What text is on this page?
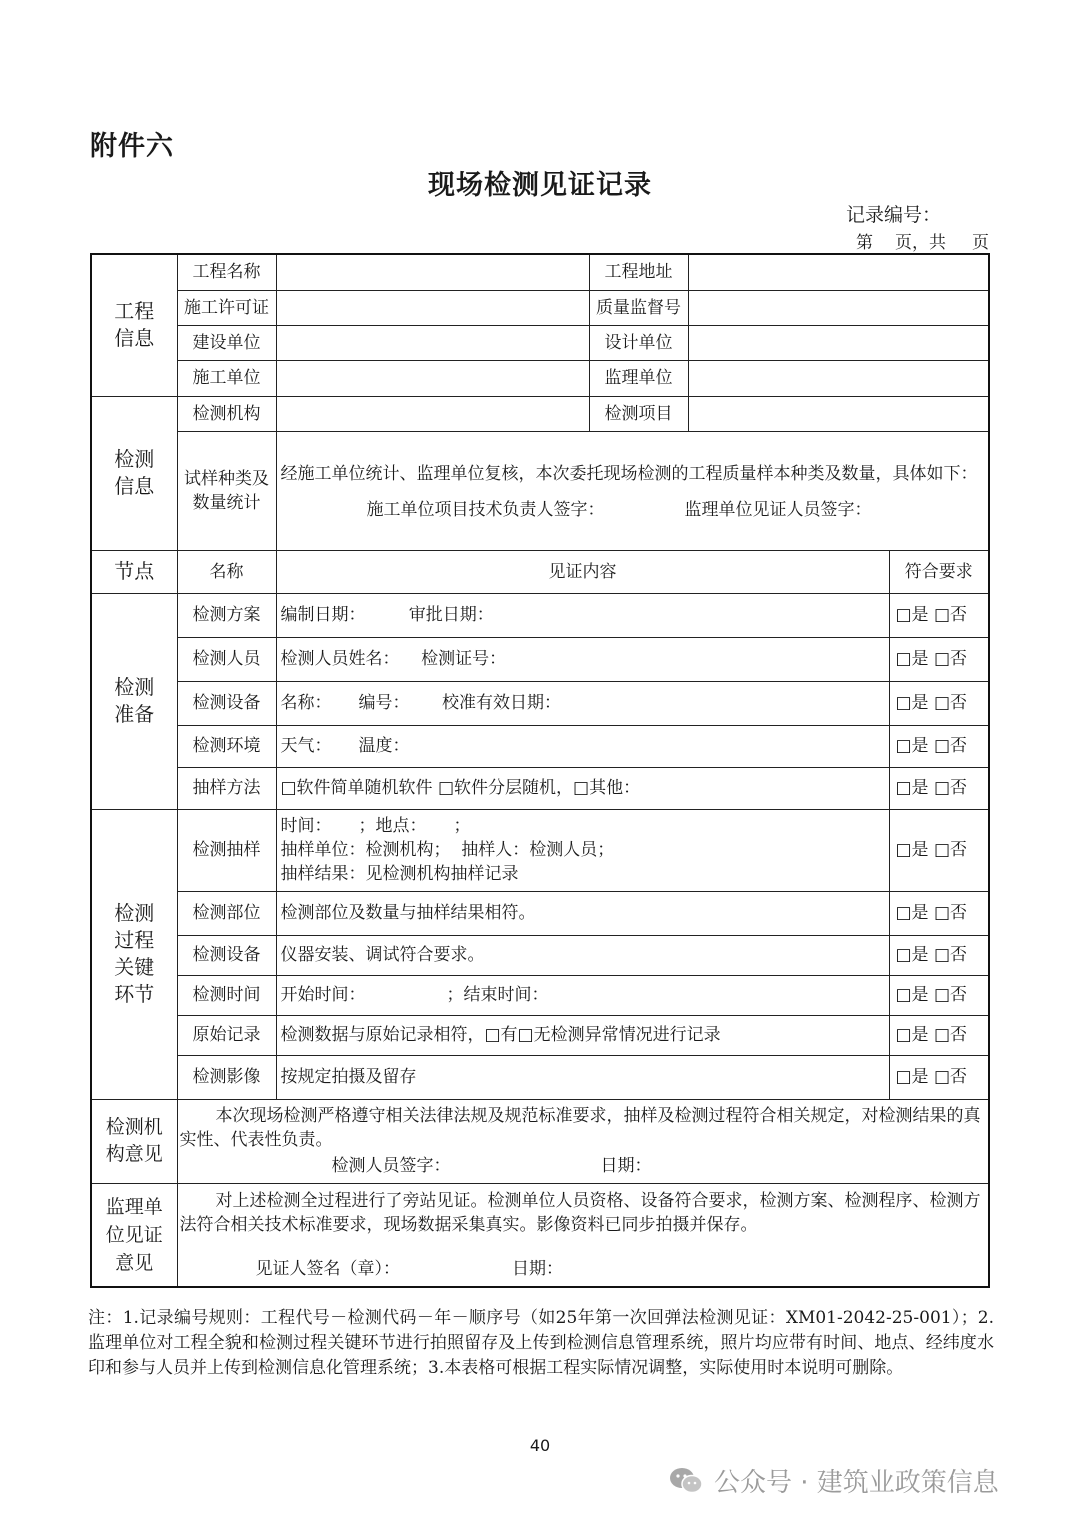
附件六
现场检测见证记录
记录编号：
第 页，共 页
工程信息	工程名称		工程地址		
	施工许可证		质量监督号		
	建设单位		设计单位		
	施工单位		监理单位		

检测信息	检测机构		检测项目		

	试样种类及数量统计	经施工单位统计、监理单位复核，本次委托现场检测的工程质量样本种类及数量，具体如下：
施工单位项目技术负责人签字： 监理单位见证人员签字：			

节点	名称	见证内容			符合要求

检测准备	检测方案	编制日期：        审批日期：			□是 □否
	检测人员	检测人员姓名：    检测证号：			□是 □否
	检测设备	名称：     编号：      校准有效日期：			□是 □否
	检测环境	天气：     温度：			□是 □否
	抽样方法	□软件简单随机软件 □软件分层随机，□其他：			□是 □否

检测过程关键环节	检测抽样	时间：     ；地点：     ；
抽样单位：检测机构；  抽样人：检测人员；
抽样结果：见检测机构抽样记录			□是 □否
	检测部位	检测部位及数量与抽样结果相符。			□是 □否
	检测设备	仪器安装、调试符合要求。			□是 □否
	检测时间	开始时间：               ；结束时间：			□是 □否
	原始记录	检测数据与原始记录相符，□有□无检测异常情况进行记录			□是 □否
	检测影像	按规定拍摄及留存			□是 □否

检测机构意见	本次现场检测严格遵守相关法律法规及规范标准要求，抽样及检测过程符合相关规定，对检测结果的真实性、代表性负责。
检测人员签字： 日期：				

监理单位见证意见	对上述检测全过程进行了旁站见证。检测单位人员资格、设备符合要求，检测方案、检测程序、检测方法符合相关技术标准要求，现场数据采集真实。影像资料已同步拍摄并保存。
见证人签名（章）： 日期：				
注：1.记录编号规则：工程代号－检测代码－年－顺序号（如25年第一次回弹法检测见证：XM01-2042-25-001）；2.监理单位对工程全貌和检测过程关键环节进行拍照留存及上传到检测信息管理系统，照片均应带有时间、地点、经纬度水印和参与人员并上传到检测信息化管理系统；3.本表格可根据工程实际情况调整，实际使用时本说明可删除。
40
公众号 · 建筑业政策信息
